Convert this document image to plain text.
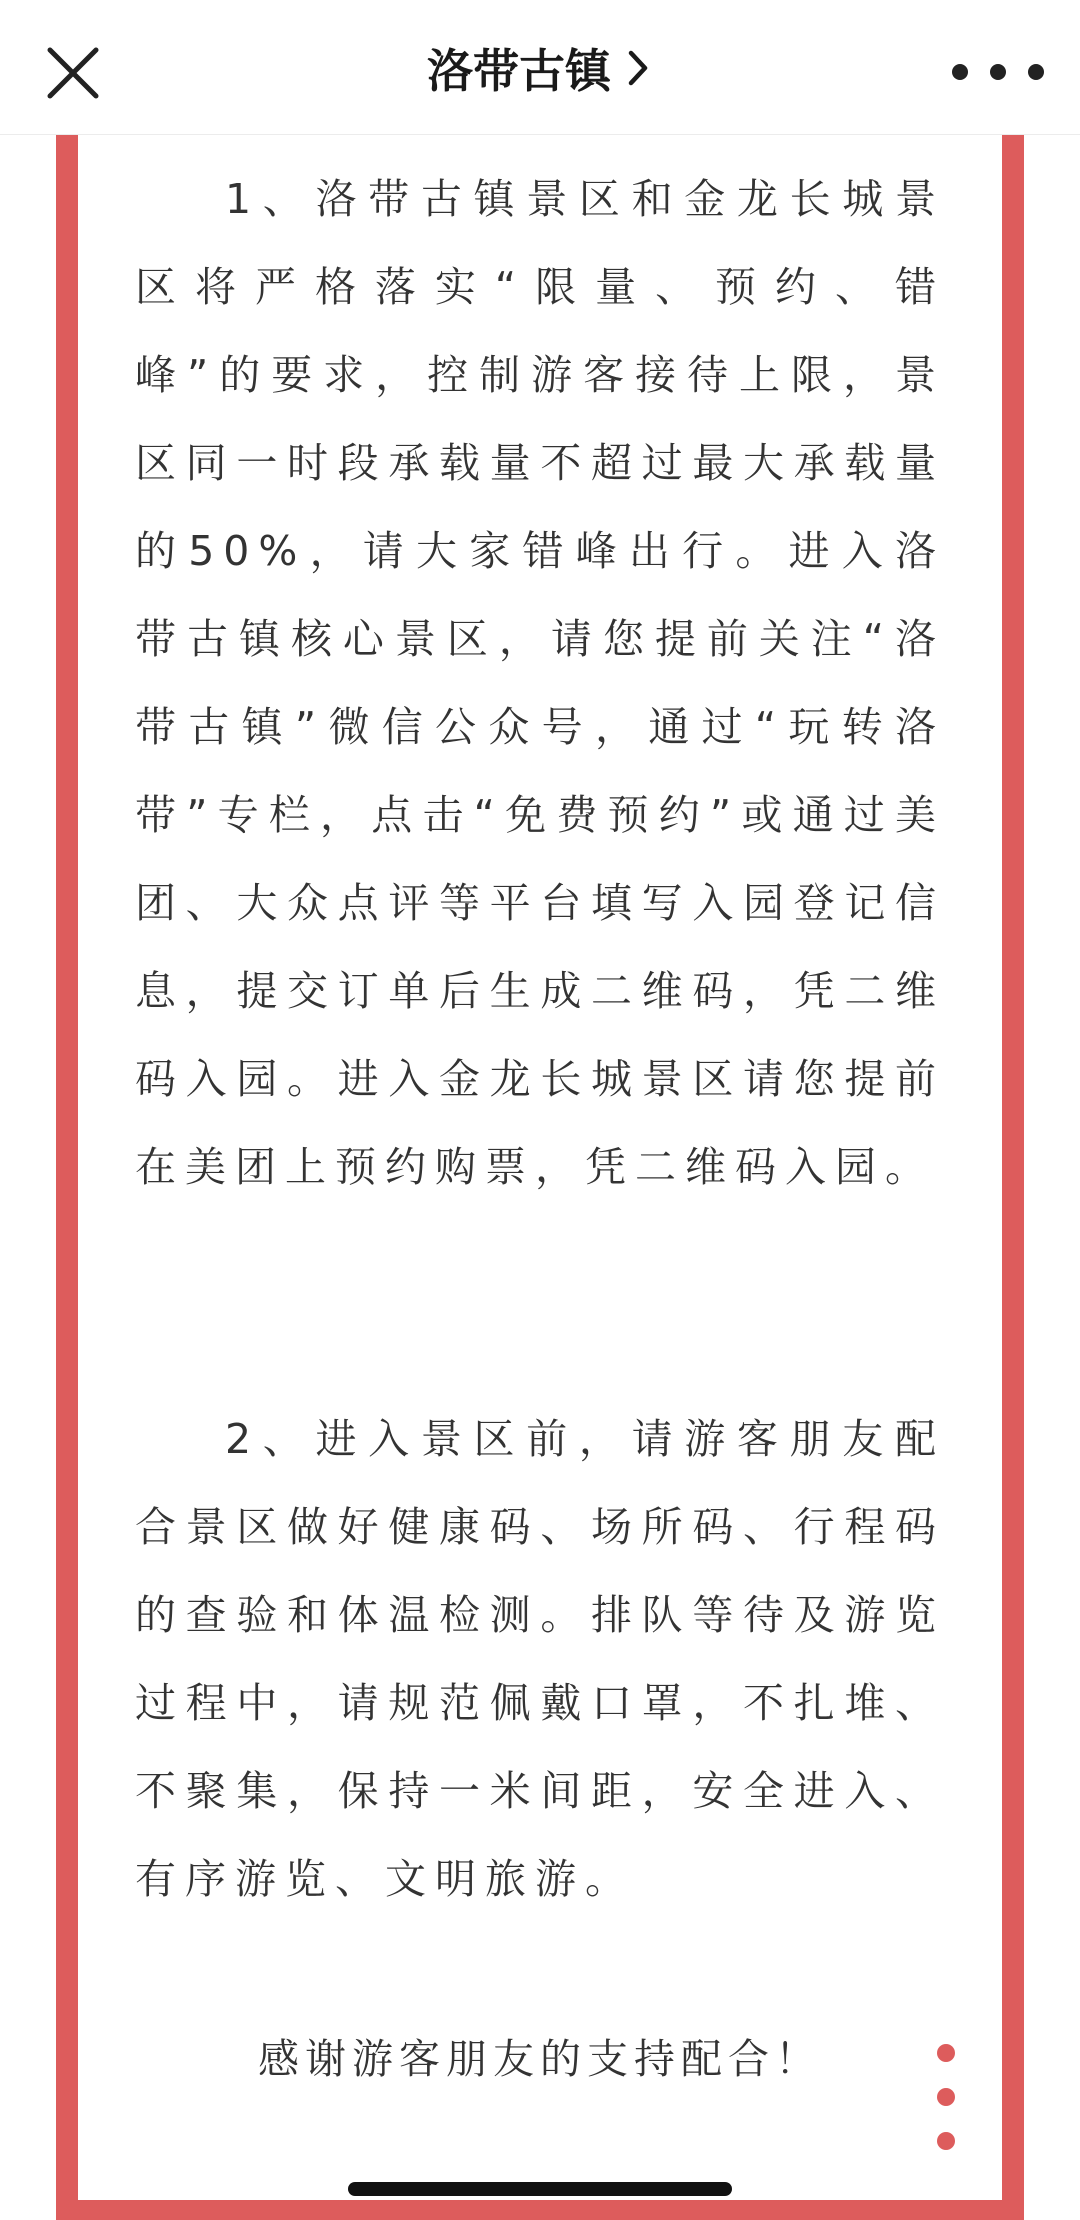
洛带古镇

1、洛带古镇景区和金龙长城景区将严格落实“限量、预约、错峰”的要求，控制游客接待上限，景区同一时段承载量不超过最大承载量的50%，请大家错峰出行。进入洛带古镇核心景区，请您提前关注“洛带古镇”微信公众号，通过“玩转洛带”专栏，点击“免费预约”或通过美团、大众点评等平台填写入园登记信息，提交订单后生成二维码，凭二维码入园。进入金龙长城景区请您提前在美团上预约购票，凭二维码入园。

2、进入景区前，请游客朋友配合景区做好健康码、场所码、行程码的查验和体温检测。排队等待及游览过程中，请规范佩戴口罩，不扎堆、不聚集，保持一米间距，安全进入、有序游览、文明旅游。

感谢游客朋友的支持配合！
